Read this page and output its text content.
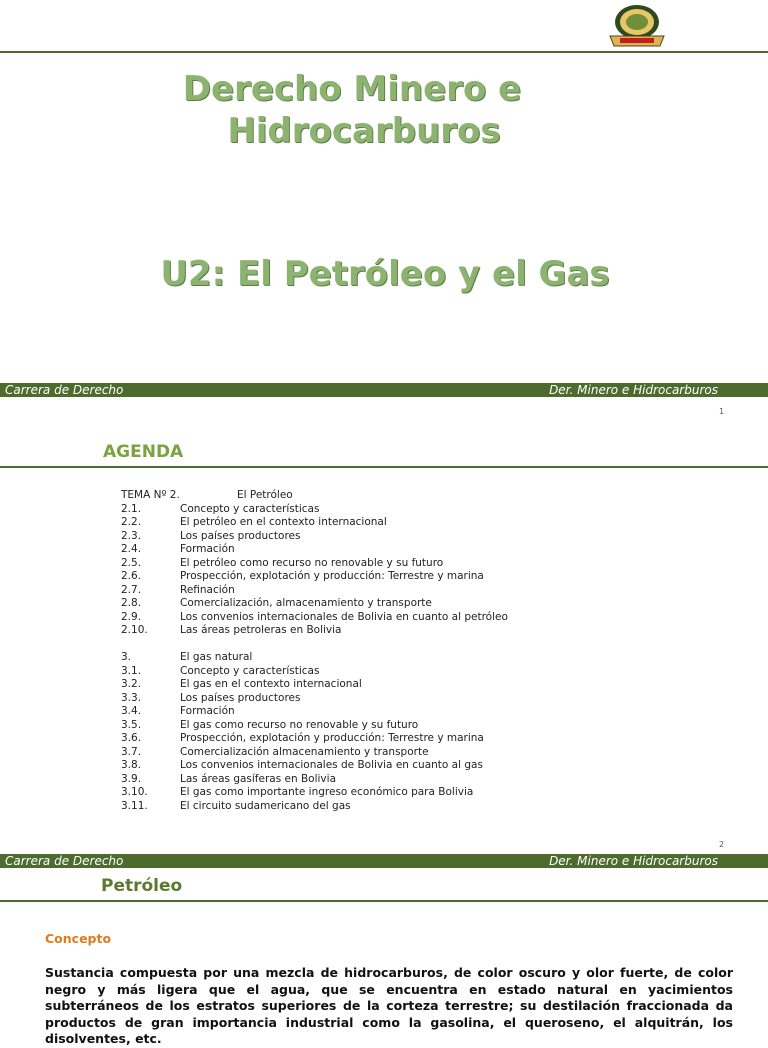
Derecho Minero e
Hidrocarburos
U2: El Petróleo y el Gas
Carrera de Derecho	Der. Minero e Hidrocarburos
1
AGENDA
TEMA Nº 2.	El Petróleo
2.1.	Concepto y características
2.2.	El petróleo en el contexto internacional
2.3.	Los países productores
2.4.	Formación
2.5.	El petróleo como recurso no renovable y su futuro
2.6.	Prospección, explotación y producción: Terrestre y marina
2.7.	Refinación
2.8.	Comercialización, almacenamiento y transporte
2.9.	Los convenios internacionales de Bolivia en cuanto al petróleo
2.10.	Las áreas petroleras en Bolivia
3.	El gas natural
3.1.	Concepto y características
3.2.	El gas en el contexto internacional
3.3.	Los países productores
3.4.	Formación
3.5.	El gas como recurso no renovable y su futuro
3.6.	Prospección, explotación y producción: Terrestre y marina
3.7.	Comercialización almacenamiento y transporte
3.8.	Los convenios internacionales de Bolivia en cuanto al gas
3.9.	Las áreas gasíferas en Bolivia
3.10.	El gas como importante ingreso económico para Bolivia
3.11.	El circuito sudamericano del gas
2
Carrera de Derecho	Der. Minero e Hidrocarburos
Petróleo
Concepto
Sustancia compuesta por una mezcla de hidrocarburos, de color oscuro y olor fuerte, de color negro y más ligera que el agua, que se encuentra en estado natural en yacimientos subterráneos de los estratos superiores de la corteza terrestre; su destilación fraccionada da productos de gran importancia industrial como la gasolina, el queroseno, el alquitrán, los disolventes, etc.
